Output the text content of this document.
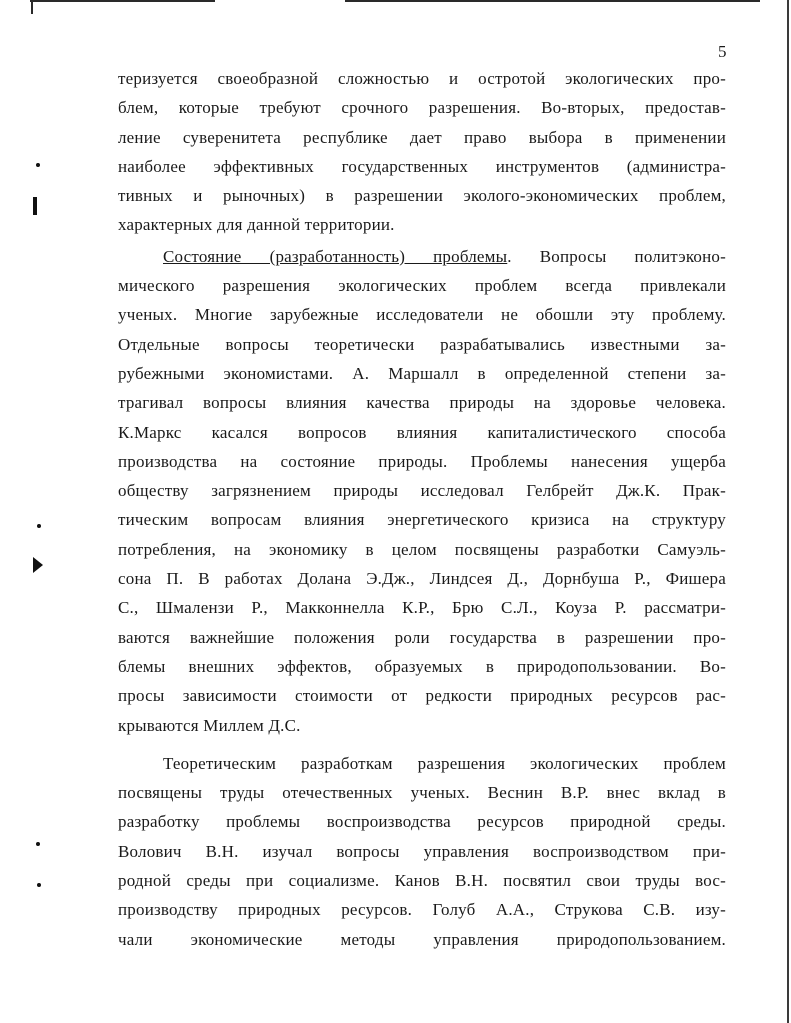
5
теризуется своеобразной сложностью и остротой экологических про-
блем, которые требуют срочного разрешения. Во-вторых, предостав-
ление суверенитета республике дает право выбора в применении
наиболее эффективных государственных инструментов (администра-
тивных и рыночных) в разрешении эколого-экономических проблем,
характерных для данной территории.
Состояние (разработанность) проблемы. Вопросы политэконо-
мического разрешения экологических проблем всегда привлекали
ученых. Многие зарубежные исследователи не обошли эту проблему.
Отдельные вопросы теоретически разрабатывались известными за-
рубежными экономистами. А. Маршалл в определенной степени за-
трагивал вопросы влияния качества природы на здоровье человека.
К.Маркс касался вопросов влияния капиталистического способа
производства на состояние природы. Проблемы нанесения ущерба
обществу загрязнением природы исследовал Гелбрейт Дж.К. Прак-
тическим вопросам влияния энергетического кризиса на структуру
потребления, на экономику в целом посвящены разработки Самуэль-
сона П. В работах Долана Э.Дж., Линдсея Д., Дорнбуша Р., Фишера
С., Шмалензи Р., Макконнелла К.Р., Брю С.Л., Коуза Р. рассматри-
ваются важнейшие положения роли государства в разрешении про-
блемы внешних эффектов, образуемых в природопользовании. Во-
просы зависимости стоимости от редкости природных ресурсов рас-
крываются Миллем Д.С.
Теоретическим разработкам разрешения экологических проблем
посвящены труды отечественных ученых. Веснин В.Р. внес вклад в
разработку проблемы воспроизводства ресурсов природной среды.
Волович В.Н. изучал вопросы управления воспроизводством при-
родной среды при социализме. Канов В.Н. посвятил свои труды вос-
производству природных ресурсов. Голуб А.А., Струкова С.В. изу-
чали экономические методы управления природопользованием.
